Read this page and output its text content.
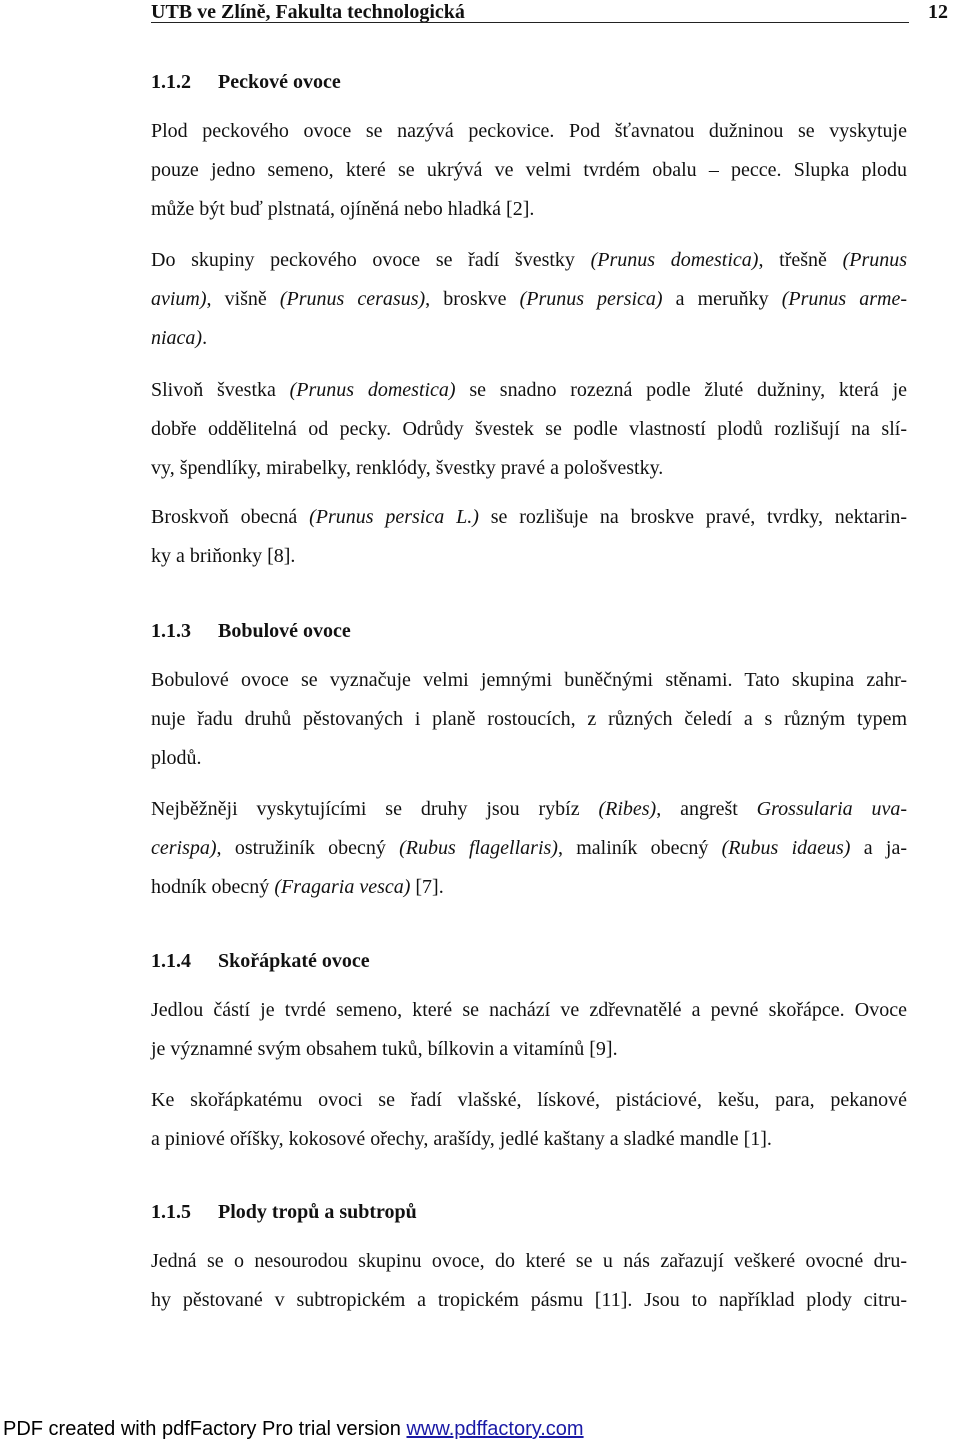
UTB ve Zlíně, Fakulta technologická	12
1.1.2 Peckové ovoce
Plod peckového ovoce se nazývá peckovice. Pod šťavnatou dužninou se vyskytuje
pouze jedno semeno, které se ukrývá ve velmi tvrdém obalu – pecce. Slupka plodu
může být buď plstnatá, ojíněná nebo hladká [2].
Do skupiny peckového ovoce se řadí švestky (Prunus domestica), třešně (Prunus
avium), višně (Prunus cerasus), broskve (Prunus persica) a meruňky (Prunus arme-
niaca).
Slivoň švestka (Prunus domestica) se snadno rozezná podle žluté dužniny, která je
dobře oddělitelná od pecky. Odrůdy švestek se podle vlastností plodů rozlišují na slí-
vy, špendlíky, mirabelky, renklódy, švestky pravé a pološvestky.
Broskvoň obecná (Prunus persica L.) se rozlišuje na broskve pravé, tvrdky, nektarin-
ky a briňonky [8].
1.1.3 Bobulové ovoce
Bobulové ovoce se vyznačuje velmi jemnými buněčnými stěnami. Tato skupina zahr-
nuje řadu druhů pěstovaných i planě rostoucích, z různých čeledí a s různým typem
plodů.
Nejběžněji vyskytujícími se druhy jsou rybíz (Ribes), angrešt Grossularia uva-
cerispa), ostružiník obecný (Rubus flagellaris), maliník obecný (Rubus idaeus) a ja-
hodník obecný (Fragaria vesca) [7].
1.1.4 Skořápkaté ovoce
Jedlou částí je tvrdé semeno, které se nachází ve zdřevnatělé a pevné skořápce. Ovoce
je významné svým obsahem tuků, bílkovin a vitamínů [9].
Ke skořápkatému ovoci se řadí vlašské, lískové, pistáciové, kešu, para, pekanové
a piniové oříšky, kokosové ořechy, arašídy, jedlé kaštany a sladké mandle [1].
1.1.5 Plody tropů a subtropů
Jedná se o nesourodou skupinu ovoce, do které se u nás zařazují veškeré ovocné dru-
hy pěstované v subtropickém a tropickém pásmu [11]. Jsou to například plody citru-
PDF created with pdfFactory Pro trial version www.pdffactory.com
